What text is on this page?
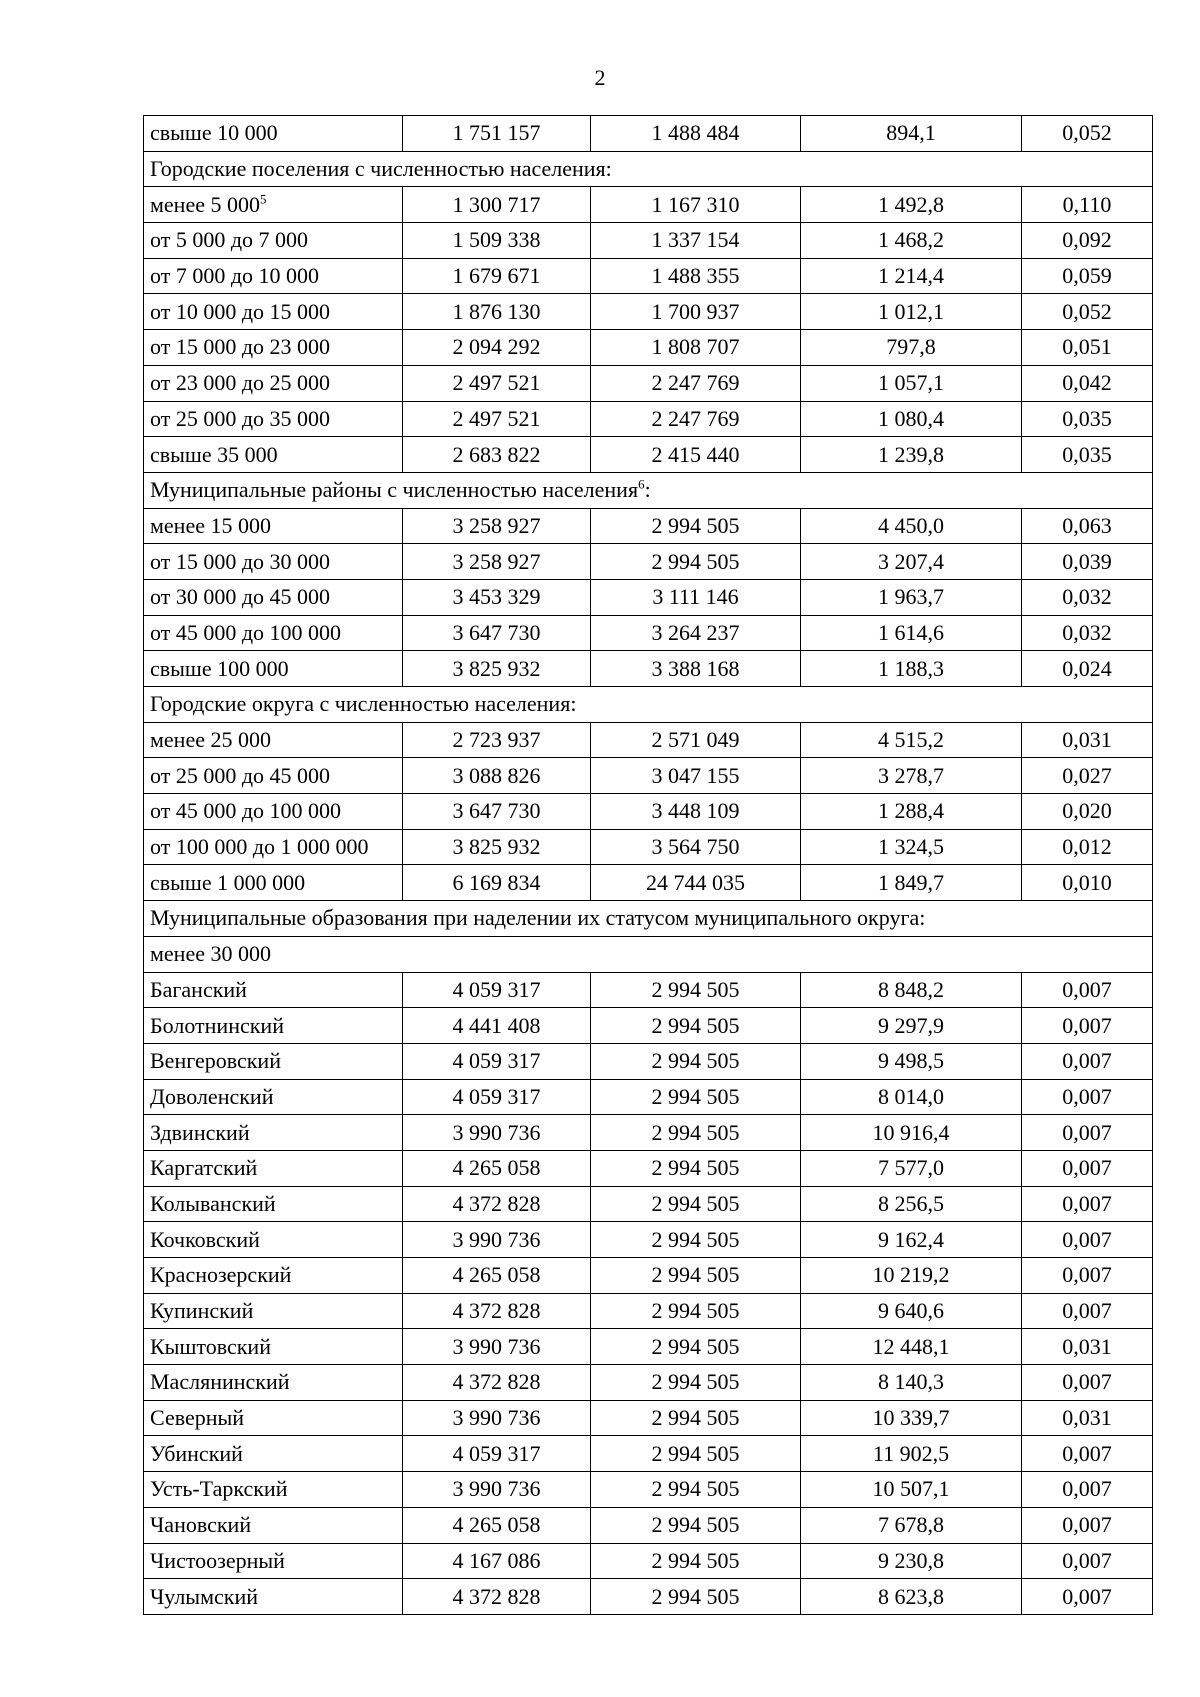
2
свыше 10 000	1 751 157	1 488 484	894,1	0,052
Городские поселения с численностью населения:				
менее 5 $000^5$	1 300 717	1 167 310	1 492,8	0,110
от 5 000 до 7 000	1 509 338	1 337 154	1 468,2	0,092
от 7 000 до 10 000	1 679 671	1 488 355	1 214,4	0,059
от 10 000 до 15 000	1 876 130	1 700 937	1 012,1	0,052
от 15 000 до 23 000	2 094 292	1 808 707	797,8	0,051
от 23 000 до 25 000	2 497 521	2 247 769	1 057,1	0,042
от 25 000 до 35 000	2 497 521	2 247 769	1 080,4	0,035
свыше 35 000	2 683 822	2 415 440	1 239,8	0,035
Муниципальные районы с численностью населения$^6$:				
менее 15 000	3 258 927	2 994 505	4 450,0	0,063
от 15 000 до 30 000	3 258 927	2 994 505	3 207,4	0,039
от 30 000 до 45 000	3 453 329	3 111 146	1 963,7	0,032
от 45 000 до 100 000	3 647 730	3 264 237	1 614,6	0,032
свыше 100 000	3 825 932	3 388 168	1 188,3	0,024
Городские округа с численностью населения:				
менее 25 000	2 723 937	2 571 049	4 515,2	0,031
от 25 000 до 45 000	3 088 826	3 047 155	3 278,7	0,027
от 45 000 до 100 000	3 647 730	3 448 109	1 288,4	0,020
от 100 000 до 1 000 000	3 825 932	3 564 750	1 324,5	0,012
свыше 1 000 000	6 169 834	24 744 035	1 849,7	0,010
Муниципальные образования при наделении их статусом муниципального округа:				
менее 30 000				
Баганский	4 059 317	2 994 505	8 848,2	0,007
Болотнинский	4 441 408	2 994 505	9 297,9	0,007
Венгеровский	4 059 317	2 994 505	9 498,5	0,007
Доволенский	4 059 317	2 994 505	8 014,0	0,007
Здвинский	3 990 736	2 994 505	10 916,4	0,007
Каргатский	4 265 058	2 994 505	7 577,0	0,007
Колыванский	4 372 828	2 994 505	8 256,5	0,007
Кочковский	3 990 736	2 994 505	9 162,4	0,007
Краснозерский	4 265 058	2 994 505	10 219,2	0,007
Купинский	4 372 828	2 994 505	9 640,6	0,007
Кыштовский	3 990 736	2 994 505	12 448,1	0,031
Маслянинский	4 372 828	2 994 505	8 140,3	0,007
Северный	3 990 736	2 994 505	10 339,7	0,031
Убинский	4 059 317	2 994 505	11 902,5	0,007
Усть-Таркский	3 990 736	2 994 505	10 507,1	0,007
Чановский	4 265 058	2 994 505	7 678,8	0,007
Чистоозерный	4 167 086	2 994 505	9 230,8	0,007
Чулымский	4 372 828	2 994 505	8 623,8	0,007
